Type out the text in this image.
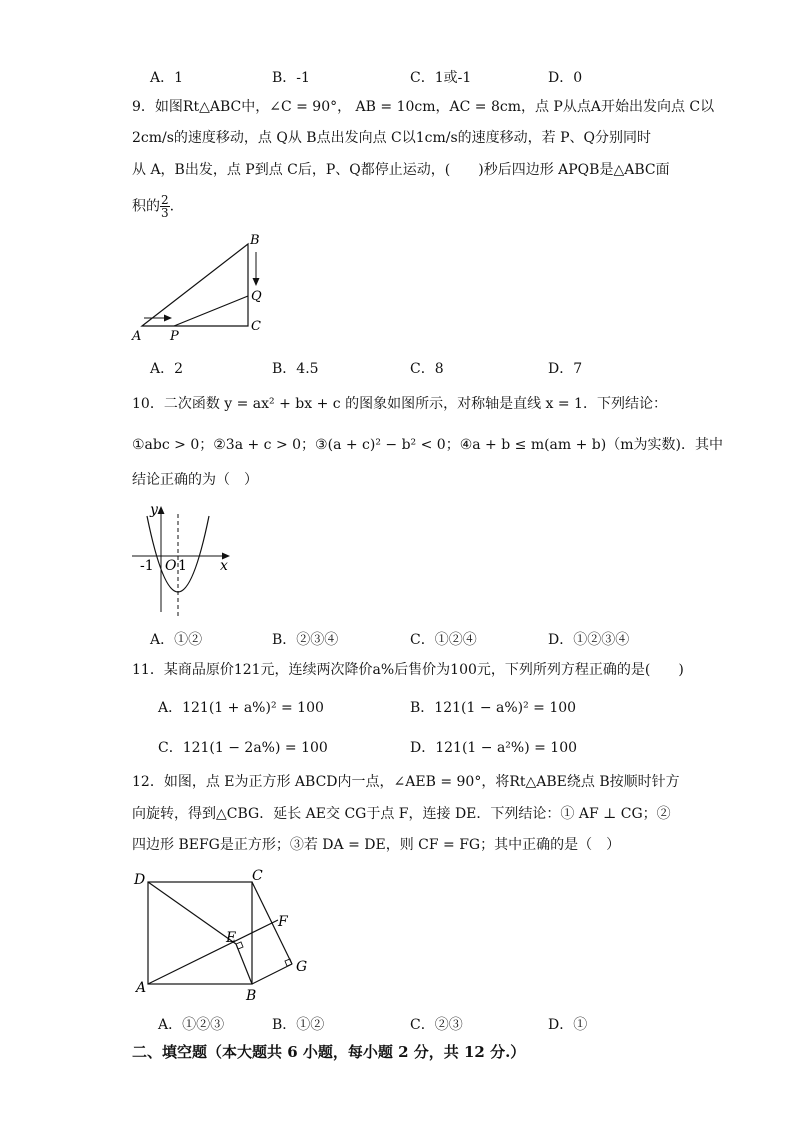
A．1	B．-1	C．1或-1	D．0
9．如图Rt△ABC中，∠C = 90°， AB = 10cm，AC = 8cm，点 P从点A开始出发向点 C以
2cm/s的速度移动，点 Q从 B点出发向点 C以1cm/s的速度移动，若 P、Q分别同时
从 A，B出发，点 P到点 C后，P、Q都停止运动，(　　)秒后四边形 APQB是△ABC面
积的 $\frac{2}{3}$ .
B
Q
C
A P
A．2	B．4.5	C．8	D．7
10．二次函数 y = ax² + bx + c 的图象如图所示，对称轴是直线 x = 1．下列结论：
①abc > 0；②3a + c > 0；③(a + c)² − b² < 0；④a + b ≤ m(am + b)（m为实数)．其中
结论正确的为（　）
y
x
-1 O 1
A．①②	B．②③④	C．①②④	D．①②③④
11．某商品原价121元，连续两次降价a%后售价为100元，下列所列方程正确的是(　　)
A．121(1 + a%)² = 100	B．121(1 − a%)² = 100
C．121(1 − 2a%) = 100	D．121(1 − a²%) = 100
12．如图，点 E为正方形 ABCD内一点，∠AEB = 90°，将Rt△ABE绕点 B按顺时针方
向旋转，得到△CBG．延长 AE交 CG于点 F，连接 DE．下列结论：① AF ⊥ CG；②
四边形 BEFG是正方形；③若 DA = DE，则 CF = FG；其中正确的是（　）
D	C
A	B
E
F
G
A．①②③	B．①②	C．②③	D．①
二、填空题（本大题共 6 小题，每小题 2 分，共 12 分.）
